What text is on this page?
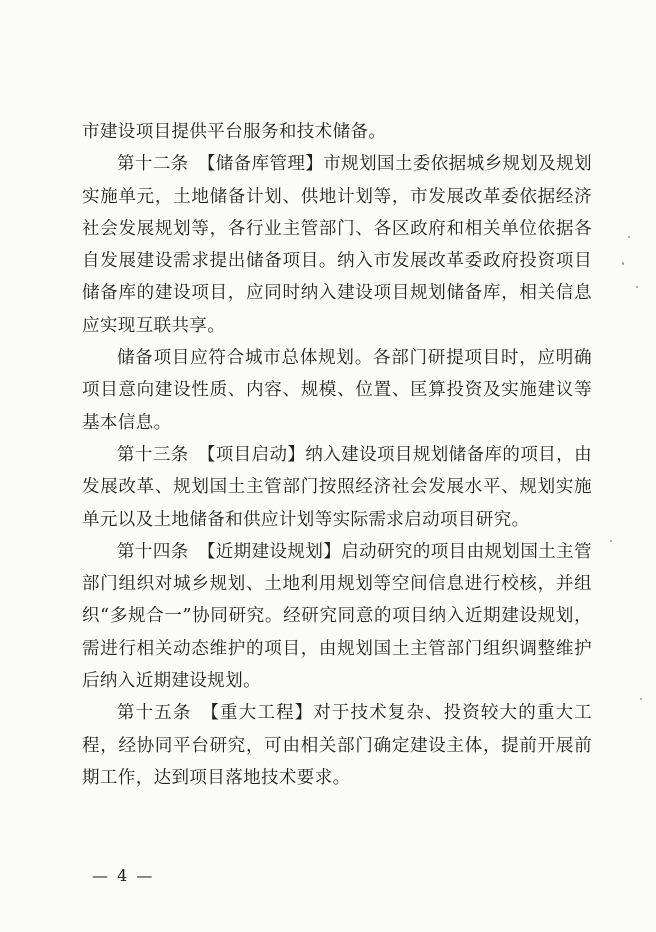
市建设项目提供平台服务和技术储备。

第十二条　【储备库管理】市规划国土委依据城乡规划及规划实施单元，土地储备计划、供地计划等，市发展改革委依据经济社会发展规划等，各行业主管部门、各区政府和相关单位依据各自发展建设需求提出储备项目。纳入市发展改革委政府投资项目储备库的建设项目，应同时纳入建设项目规划储备库，相关信息应实现互联共享。

储备项目应符合城市总体规划。各部门研提项目时，应明确项目意向建设性质、内容、规模、位置、匡算投资及实施建议等基本信息。

第十三条　【项目启动】纳入建设项目规划储备库的项目，由发展改革、规划国土主管部门按照经济社会发展水平、规划实施单元以及土地储备和供应计划等实际需求启动项目研究。

第十四条　【近期建设规划】启动研究的项目由规划国土主管部门组织对城乡规划、土地利用规划等空间信息进行校核，并组织“多规合一”协同研究。经研究同意的项目纳入近期建设规划，需进行相关动态维护的项目，由规划国土主管部门组织调整维护后纳入近期建设规划。

第十五条　【重大工程】对于技术复杂、投资较大的重大工程，经协同平台研究，可由相关部门确定建设主体，提前开展前期工作，达到项目落地技术要求。

— 4 —
